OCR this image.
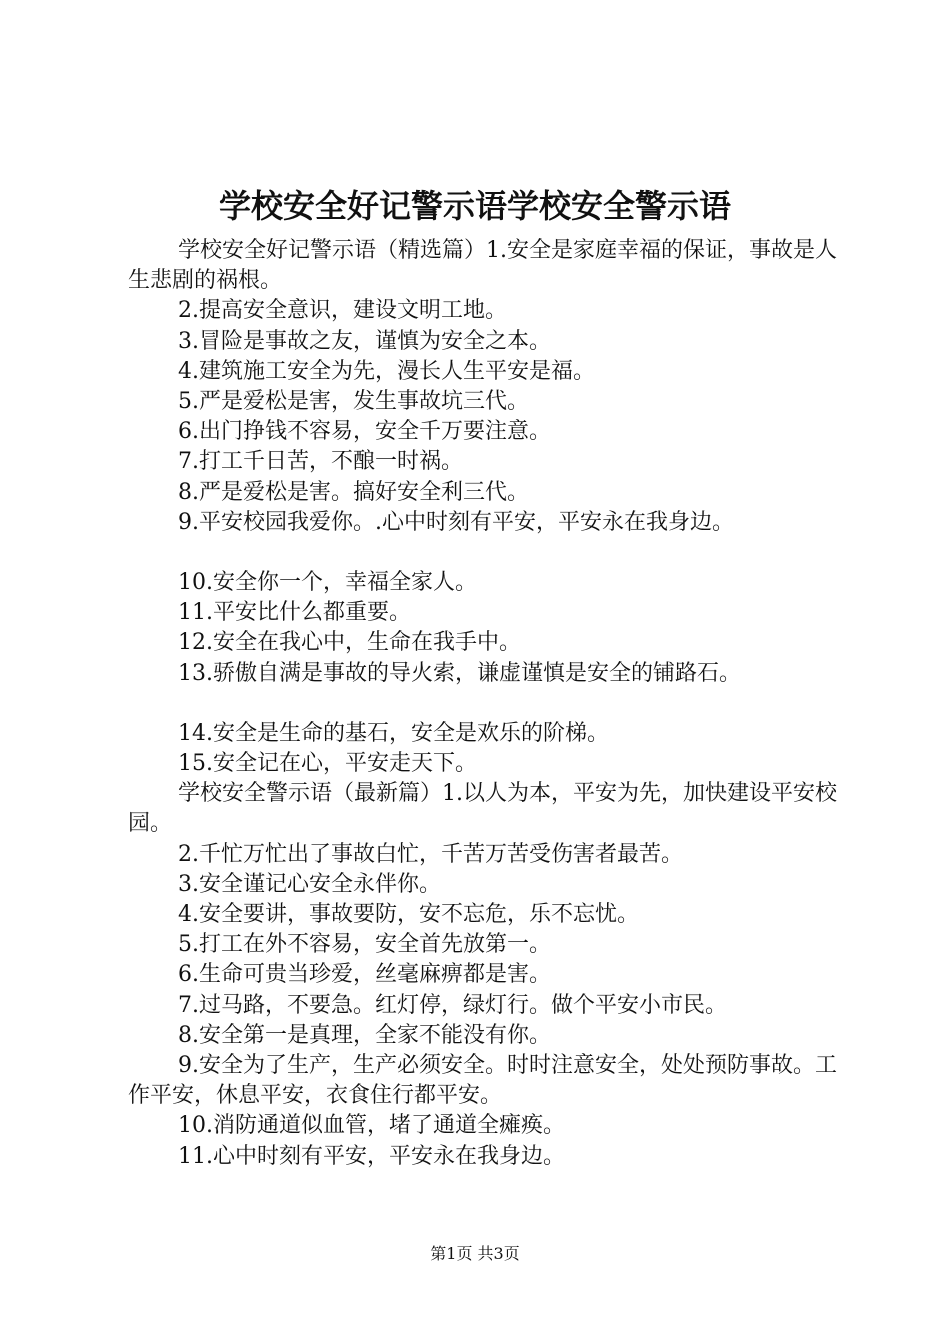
学校安全好记警示语学校安全警示语

学校安全好记警示语（精选篇）1.安全是家庭幸福的保证，事故是人生悲剧的祸根。

2.提高安全意识，建设文明工地。

3.冒险是事故之友，谨慎为安全之本。

4.建筑施工安全为先，漫长人生平安是福。

5.严是爱松是害，发生事故坑三代。

6.出门挣钱不容易，安全千万要注意。

7.打工千日苦，不酿一时祸。

8.严是爱松是害。搞好安全利三代。

9.平安校园我爱你。.心中时刻有平安，平安永在我身边。

10.安全你一个，幸福全家人。

11.平安比什么都重要。

12.安全在我心中，生命在我手中。

13.骄傲自满是事故的导火索，谦虚谨慎是安全的铺路石。

14.安全是生命的基石，安全是欢乐的阶梯。

15.安全记在心，平安走天下。

学校安全警示语（最新篇）1.以人为本，平安为先，加快建设平安校园。

2.千忙万忙出了事故白忙，千苦万苦受伤害者最苦。

3.安全谨记心安全永伴你。

4.安全要讲，事故要防，安不忘危，乐不忘忧。

5.打工在外不容易，安全首先放第一。

6.生命可贵当珍爱，丝毫麻痹都是害。

7.过马路，不要急。红灯停，绿灯行。做个平安小市民。

8.安全第一是真理，全家不能没有你。

9.安全为了生产，生产必须安全。时时注意安全，处处预防事故。工作平安，休息平安，衣食住行都平安。

10.消防通道似血管，堵了通道全瘫痪。

11.心中时刻有平安，平安永在我身边。

第1页 共3页
